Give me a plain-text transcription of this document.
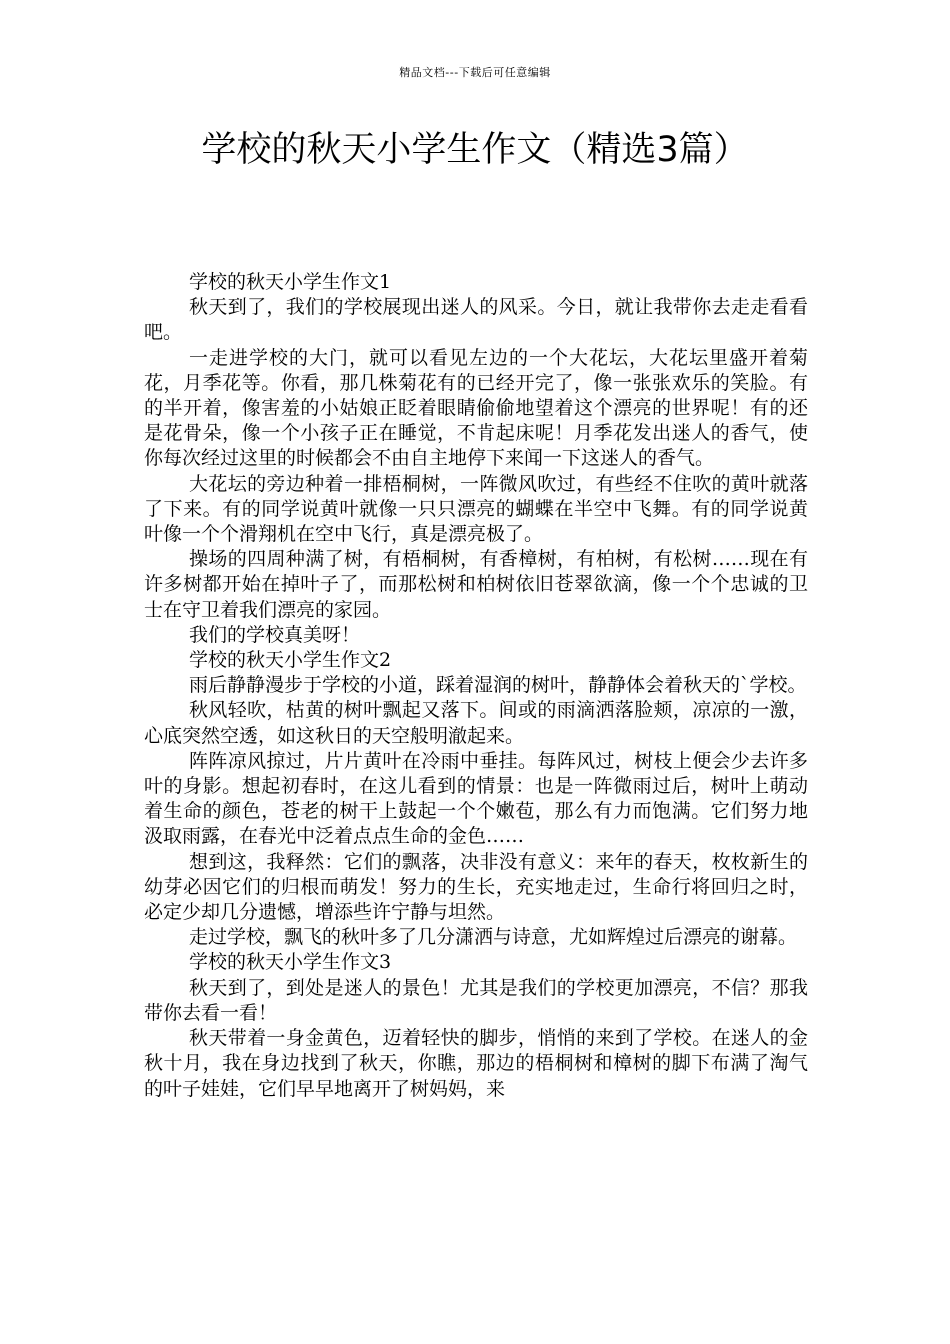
精品文档---下载后可任意编辑
学校的秋天小学生作文（精选3篇）

学校的秋天小学生作文1

秋天到了，我们的学校展现出迷人的风采。今日，就让我带你去走走看看吧。

一走进学校的大门，就可以看见左边的一个大花坛，大花坛里盛开着菊花，月季花等。你看，那几株菊花有的已经开完了，像一张张欢乐的笑脸。有的半开着，像害羞的小姑娘正眨着眼睛偷偷地望着这个漂亮的世界呢！有的还是花骨朵，像一个小孩子正在睡觉，不肯起床呢！月季花发出迷人的香气，使你每次经过这里的时候都会不由自主地停下来闻一下这迷人的香气。

大花坛的旁边种着一排梧桐树，一阵微风吹过，有些经不住吹的黄叶就落了下来。有的同学说黄叶就像一只只漂亮的蝴蝶在半空中飞舞。有的同学说黄叶像一个个滑翔机在空中飞行，真是漂亮极了。

操场的四周种满了树，有梧桐树，有香樟树，有柏树，有松树……现在有许多树都开始在掉叶子了，而那松树和柏树依旧苍翠欲滴，像一个个忠诚的卫士在守卫着我们漂亮的家园。

我们的学校真美呀！

学校的秋天小学生作文2

雨后静静漫步于学校的小道，踩着湿润的树叶，静静体会着秋天的`学校。

秋风轻吹，枯黄的树叶飘起又落下。间或的雨滴洒落脸颊，凉凉的一激，心底突然空透，如这秋日的天空般明澈起来。

阵阵凉风掠过，片片黄叶在冷雨中垂挂。每阵风过，树枝上便会少去许多叶的身影。想起初春时，在这儿看到的情景：也是一阵微雨过后，树叶上萌动着生命的颜色，苍老的树干上鼓起一个个嫩苞，那么有力而饱满。它们努力地汲取雨露，在春光中泛着点点生命的金色……

想到这，我释然：它们的飘落，决非没有意义：来年的春天，枚枚新生的幼芽必因它们的归根而萌发！努力的生长，充实地走过，生命行将回归之时，必定少却几分遗憾，增添些许宁静与坦然。

走过学校，飘飞的秋叶多了几分潇洒与诗意，尤如辉煌过后漂亮的谢幕。

学校的秋天小学生作文3

秋天到了，到处是迷人的景色！尤其是我们的学校更加漂亮，不信？那我带你去看一看！

秋天带着一身金黄色，迈着轻快的脚步，悄悄的来到了学校。在迷人的金秋十月，我在身边找到了秋天，你瞧，那边的梧桐树和樟树的脚下布满了淘气的叶子娃娃，它们早早地离开了树妈妈，来
